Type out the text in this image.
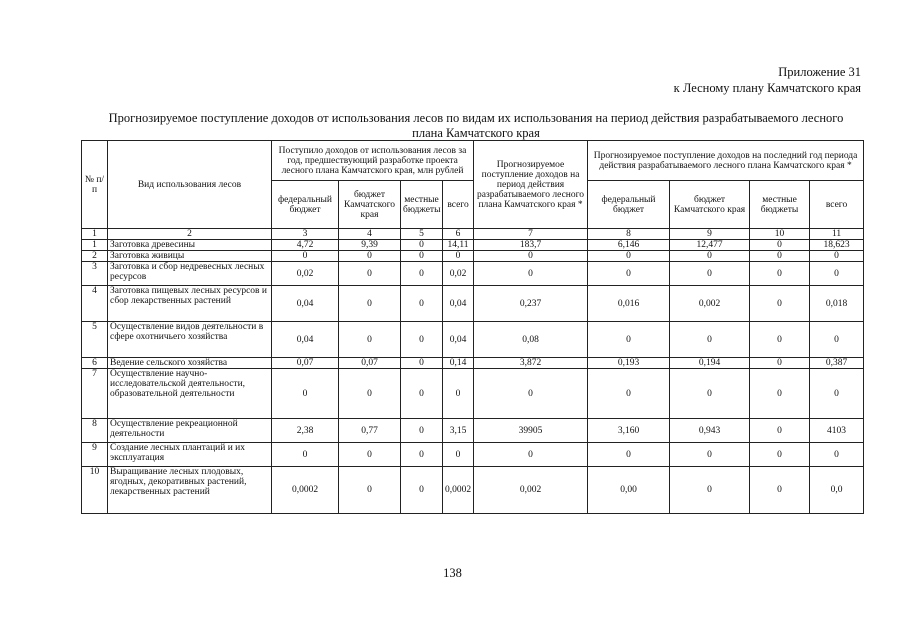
Приложение 31
к Лесному плану Камчатского края
Прогнозируемое поступление доходов от использования лесов по видам их использования на период действия разрабатываемого лесного
плана Камчатского края
№ п/п	Вид использования лесов	Поступило доходов от использования лесов за год, предшествующий разработке проекта лесного плана Камчатского края, млн рублей				Прогнозируемое поступление доходов на период действия разрабатываемого лесного плана Камчатского края *	Прогнозируемое поступление доходов на последний год периода действия разрабатываемого лесного плана Камчатского края *			
		федеральный бюджет	бюджет Камчатского края	местные бюджеты	всего		федеральный бюджет	бюджет Камчатского края	местные бюджеты	всего
1	2	3	4	5	6	7	8	9	10	11
1	Заготовка древесины	4,72	9,39	0	14,11	183,7	6,146	12,477	0	18,623
2	Заготовка живицы	0	0	0	0	0	0	0	0	0
3	Заготовка и сбор недревесных лесных ресурсов	0,02	0	0	0,02	0	0	0	0	0
4	Заготовка пищевых лесных ресурсов и сбор лекарственных растений	0,04	0	0	0,04	0,237	0,016	0,002	0	0,018
5	Осуществление видов деятельности в сфере охотничьего хозяйства	0,04	0	0	0,04	0,08	0	0	0	0
6	Ведение сельского хозяйства	0,07	0,07	0	0,14	3,872	0,193	0,194	0	0,387
7	Осуществление научно-исследовательской деятельности, образовательной деятельности	0	0	0	0	0	0	0	0	0
8	Осуществление рекреационной деятельности	2,38	0,77	0	3,15	39905	3,160	0,943	0	4103
9	Создание лесных плантаций и их эксплуатация	0	0	0	0	0	0	0	0	0
10	Выращивание лесных плодовых, ягодных, декоративных растений, лекарственных растений	0,0002	0	0	0,0002	0,002	0,00	0	0	0,0
138
